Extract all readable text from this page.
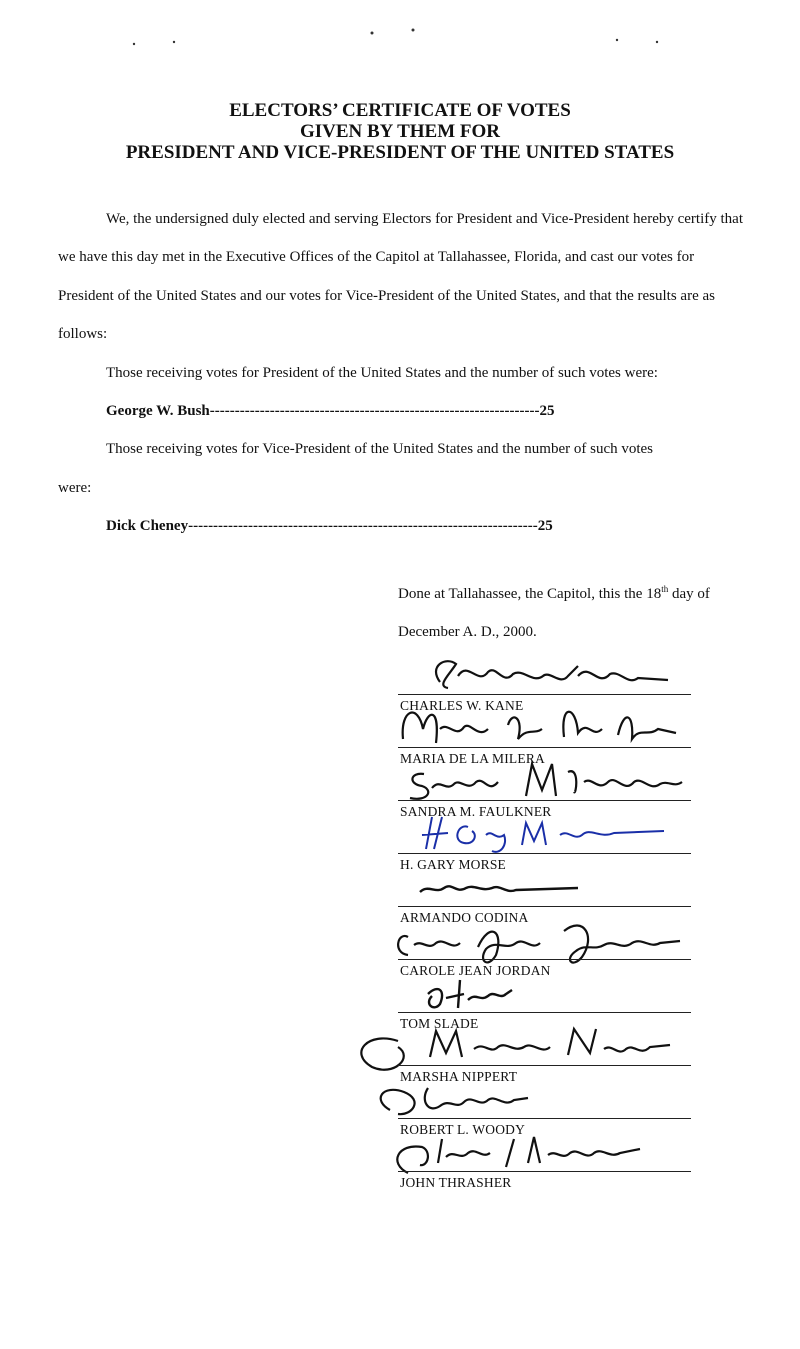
ELECTORS’ CERTIFICATE OF VOTES
GIVEN BY THEM FOR
PRESIDENT AND VICE-PRESIDENT OF THE UNITED STATES

We, the undersigned duly elected and serving Electors for President and Vice-President hereby certify that we have this day met in the Executive Offices of the Capitol at Tallahassee, Florida, and cast our votes for President of the United States and our votes for Vice-President of the United States, and that the results are as follows:

Those receiving votes for President of the United States and the number of such votes were:

George W. Bush------------------------------------------------------------------25

Those receiving votes for Vice-President of the United States and the number of such votes

were:

Dick Cheney----------------------------------------------------------------------25

Done at Tallahassee, the Capitol, this the 18th day of
December A. D., 2000.
CHARLES W. KANE
MARIA DE LA MILERA
SANDRA M. FAULKNER
H. GARY MORSE
ARMANDO CODINA
CAROLE JEAN JORDAN
TOM SLADE
MARSHA NIPPERT
ROBERT L. WOODY
JOHN THRASHER
